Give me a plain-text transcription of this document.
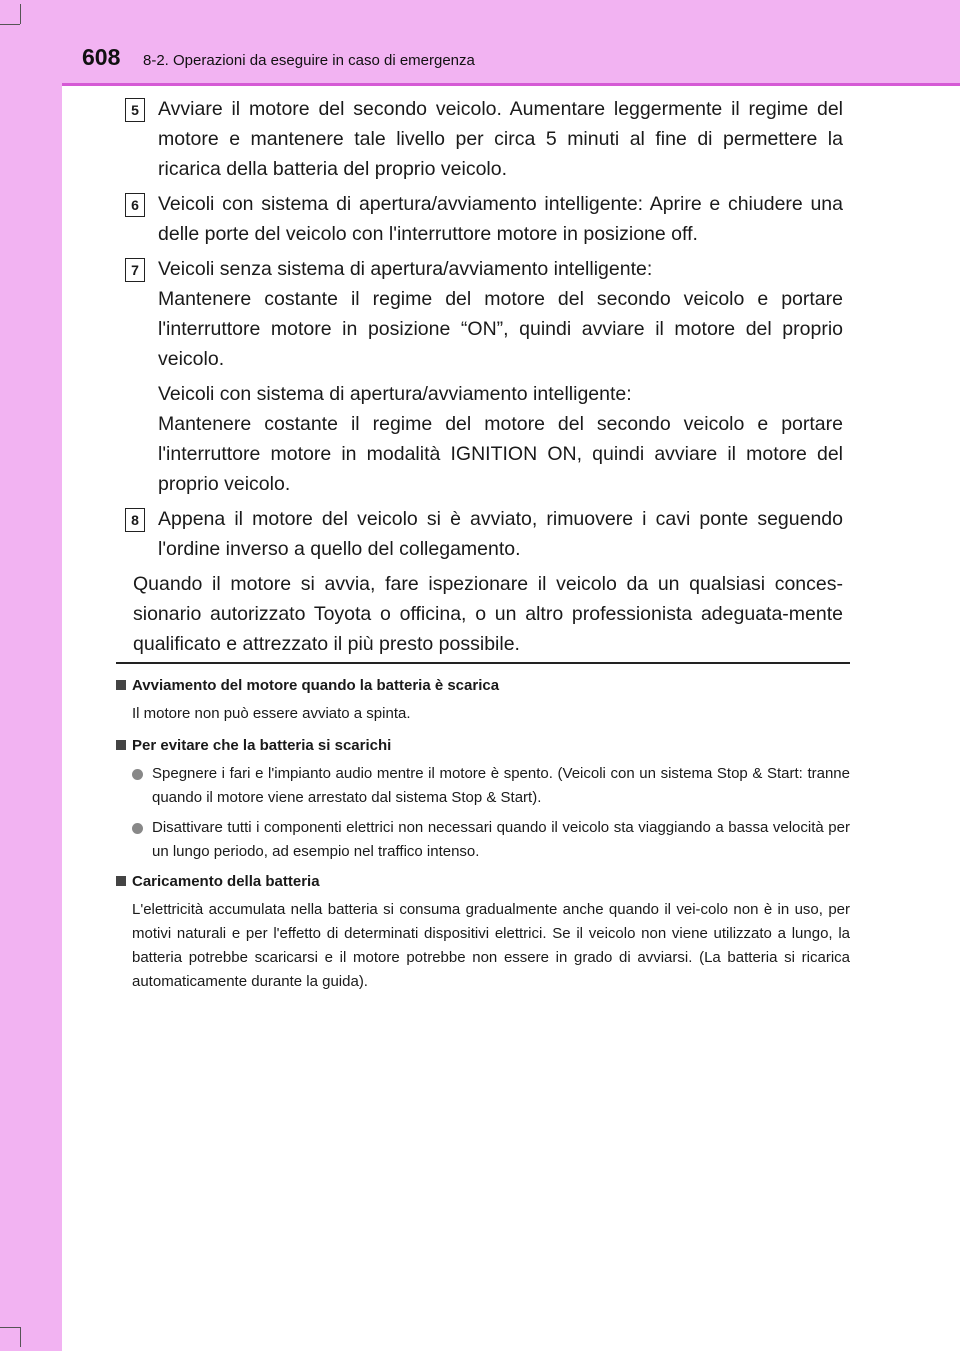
608 8-2. Operazioni da eseguire in caso di emergenza
5 Avviare il motore del secondo veicolo. Aumentare leggermente il regime del motore e mantenere tale livello per circa 5 minuti al fine di permettere la ricarica della batteria del proprio veicolo.

6 Veicoli con sistema di apertura/avviamento intelligente: Aprire e chiudere una delle porte del veicolo con l'interruttore motore in posizione off.

7 Veicoli senza sistema di apertura/avviamento intelligente:

Mantenere costante il regime del motore del secondo veicolo e portare l'interruttore motore in posizione “ON”, quindi avviare il motore del proprio veicolo.

Veicoli con sistema di apertura/avviamento intelligente:

Mantenere costante il regime del motore del secondo veicolo e portare l'interruttore motore in modalità IGNITION ON, quindi avviare il motore del proprio veicolo.

8 Appena il motore del veicolo si è avviato, rimuovere i cavi ponte seguendo l'ordine inverso a quello del collegamento.

Quando il motore si avvia, fare ispezionare il veicolo da un qualsiasi conces-sionario autorizzato Toyota o officina, o un altro professionista adeguata-mente qualificato e attrezzato il più presto possibile.

Avviamento del motore quando la batteria è scarica

Il motore non può essere avviato a spinta.

Per evitare che la batteria si scarichi

Spegnere i fari e l'impianto audio mentre il motore è spento. (Veicoli con un sistema Stop & Start: tranne quando il motore viene arrestato dal sistema Stop & Start).
Disattivare tutti i componenti elettrici non necessari quando il veicolo sta viaggiando a bassa velocità per un lungo periodo, ad esempio nel traffico intenso.

Caricamento della batteria

L'elettricità accumulata nella batteria si consuma gradualmente anche quando il vei-colo non è in uso, per motivi naturali e per l'effetto di determinati dispositivi elettrici. Se il veicolo non viene utilizzato a lungo, la batteria potrebbe scaricarsi e il motore potrebbe non essere in grado di avviarsi. (La batteria si ricarica automaticamente durante la guida).
